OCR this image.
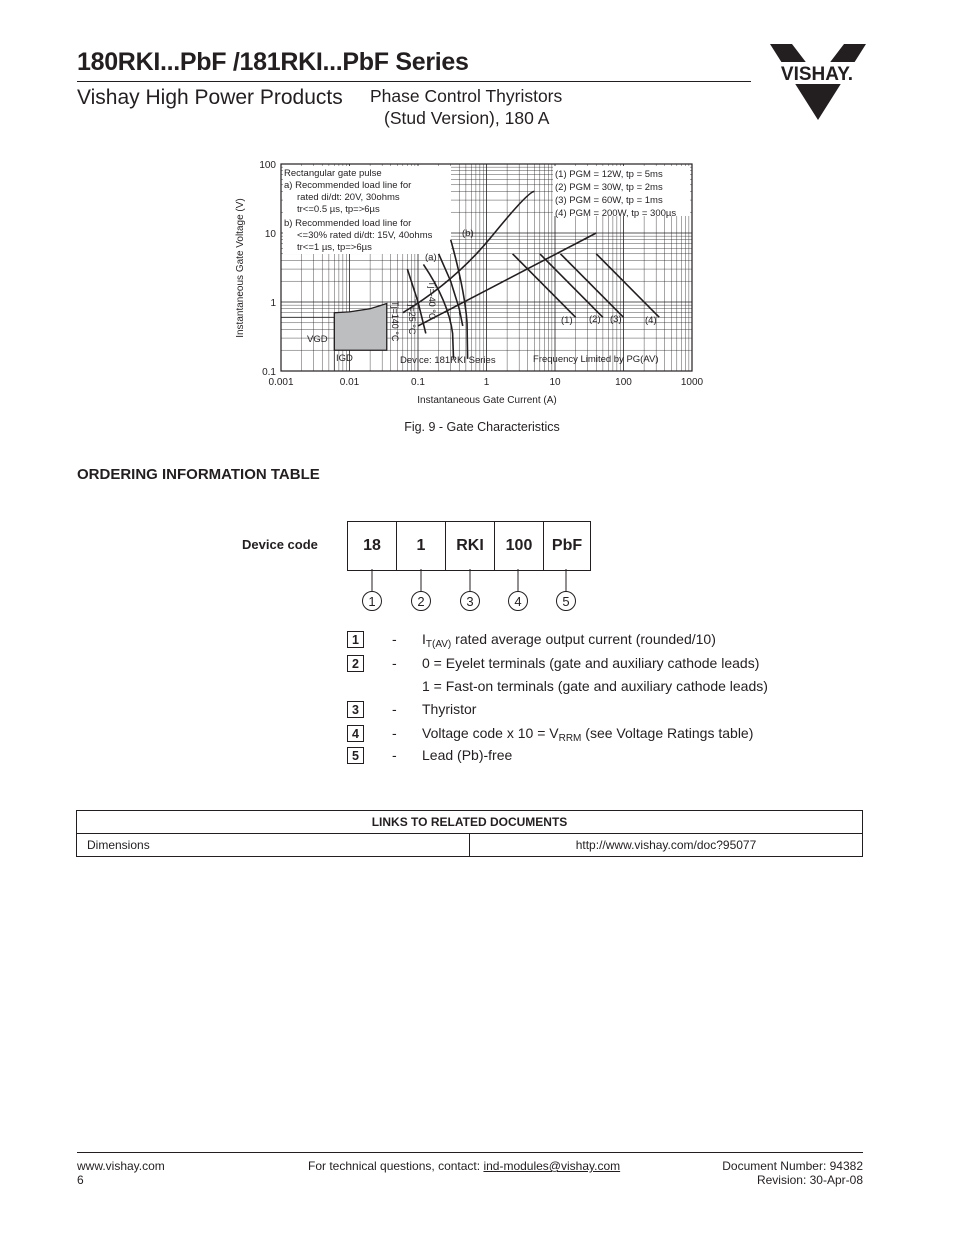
180RKI...PbF /181RKI...PbF Series
Vishay High Power Products Phase Control Thyristors
(Stud Version), 180 A
VISHAY.
0.001	0.01	0.1	1	10	100	1000
0.1
1
10
100
Instantaneous Gate Current (A)
Instantaneous Gate Voltage (V)
Rectangular gate pulse
a) Recommended load line for
rated di/dt: 20V, 30ohms
tr<=0.5 µs, tp=>6µs
b) Recommended load line for
<=30% rated di/dt: 15V, 40ohms
tr<=1 µs, tp=>6µs
(1) PGM = 12W, tp = 5ms
(2) PGM = 30W, tp = 2ms
(3) PGM = 60W, tp = 1ms
(4) PGM = 200W, tp = 300µs
(a)
(b)
(1) (2) (3) (4)
VGD
IGD
Tj=-40 °C
Tj=25 °C
Tj=140 °C
Device: 181RKI Series	Frequency Limited by PG(AV)
Fig. 9 - Gate Characteristics
ORDERING INFORMATION TABLE
Device code	18	1	RKI	100	PbF
1	2	3	4	5
1	- $I_{T(AV)}$ rated average output current (rounded/10)
2	- 0 = Eyelet terminals (gate and auxiliary cathode leads)
1 = Fast-on terminals (gate and auxiliary cathode leads)
3	- Thyristor
4	- Voltage code x $10 = V_{RRM}$ (see Voltage Ratings table)
5	- Lead (Pb)-free
LINKS TO RELATED DOCUMENTS
Dimensions	http://www.vishay.com/doc?95077
www.vishay.com
6
For technical questions, contact: ind-modules@vishay.com	Document Number: 94382
Revision: 30-Apr-08
